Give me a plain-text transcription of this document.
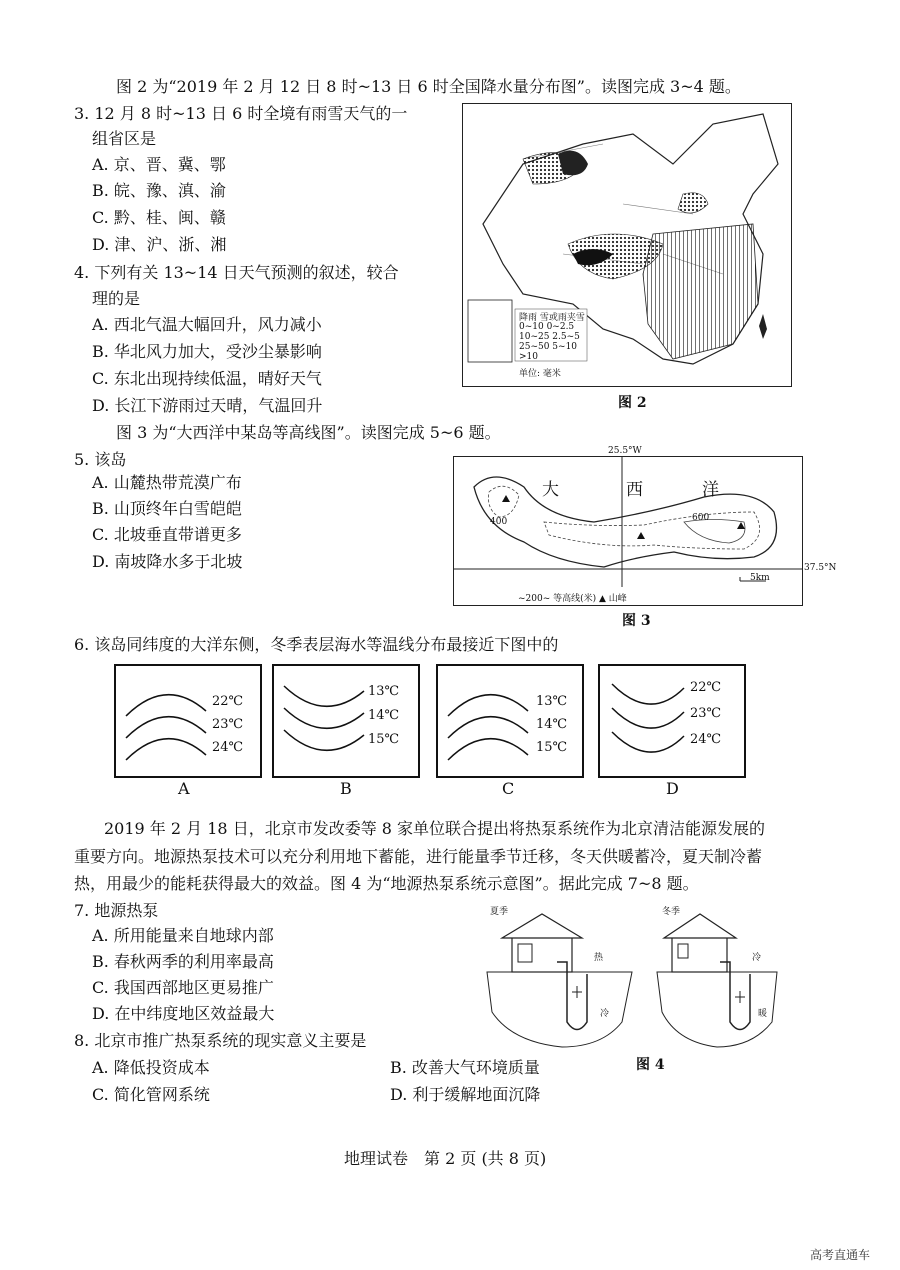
图 2 为“2019 年 2 月 12 日 8 时~13 日 6 时全国降水量分布图”。读图完成 3~4 题。
3. 12 月 8 时~13 日 6 时全境有雨雪天气的一
组省区是
A. 京、晋、冀、鄂
B. 皖、豫、滇、渝
C. 黔、桂、闽、赣
D. 津、沪、浙、湘
4. 下列有关 13~14 日天气预测的叙述，较合
理的是
A. 西北气温大幅回升，风力减小
B. 华北风力加大，受沙尘暴影响
C. 东北出现持续低温，晴好天气
D. 长江下游雨过天晴，气温回升
降雨 雪或雨夹雪
0~10 0~2.5
10~25 2.5~5
25~50 5~10
>10
单位: 毫米
图 2
图 3 为“大西洋中某岛等高线图”。读图完成 5~6 题。
5. 该岛
A. 山麓热带荒漠广布
B. 山顶终年白雪皑皑
C. 北坡垂直带谱更多
D. 南坡降水多于北坡
大	西	洋
400	600
5km
~200~ 等高线(米) ▲ 山峰
25.5°W
37.5°N
图 3
6. 该岛同纬度的大洋东侧，冬季表层海水等温线分布最接近下图中的
22℃
23℃
24℃
A
13℃
14℃
15℃
B
13℃
14℃
15℃
C
22℃
23℃
24℃
D
2019 年 2 月 18 日，北京市发改委等 8 家单位联合提出将热泵系统作为北京清洁能源发展的
重要方向。地源热泵技术可以充分利用地下蓄能，进行能量季节迁移，冬天供暖蓄冷，夏天制冷蓄
热，用最少的能耗获得最大的效益。图 4 为“地源热泵系统示意图”。据此完成 7~8 题。
7. 地源热泵
A. 所用能量来自地球内部
B. 春秋两季的利用率最高
C. 我国西部地区更易推广
D. 在中纬度地区效益最大
8. 北京市推广热泵系统的现实意义主要是
A. 降低投资成本	B. 改善大气环境质量
C. 简化管网系统	D. 利于缓解地面沉降
夏季	冬季
热
冷
冷
暖
图 4
地理试卷　第 2 页 (共 8 页)
高考直通车
